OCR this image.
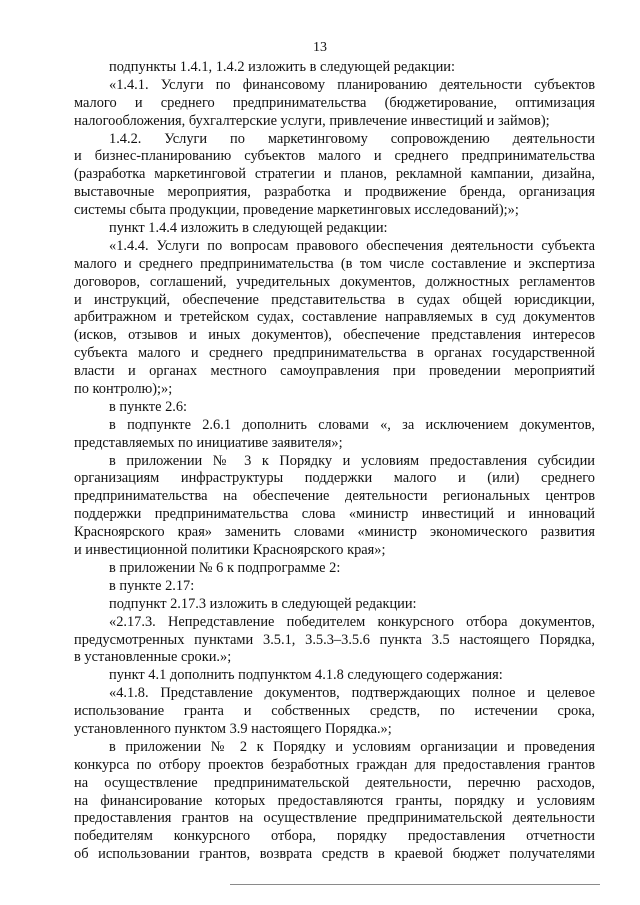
13
подпункты 1.4.1, 1.4.2 изложить в следующей редакции:
«1.4.1. Услуги по финансовому планированию деятельности субъектов
малого и среднего предпринимательства (бюджетирование, оптимизация
налогообложения, бухгалтерские услуги, привлечение инвестиций и займов);
1.4.2. Услуги по маркетинговому сопровождению деятельности
и бизнес-планированию субъектов малого и среднего предпринимательства
(разработка маркетинговой стратегии и планов, рекламной кампании, дизайна,
выставочные мероприятия, разработка и продвижение бренда, организация
системы сбыта продукции, проведение маркетинговых исследований);»;
пункт 1.4.4 изложить в следующей редакции:
«1.4.4. Услуги по вопросам правового обеспечения деятельности субъекта
малого и среднего предпринимательства (в том числе составление и экспертиза
договоров, соглашений, учредительных документов, должностных регламентов
и инструкций, обеспечение представительства в судах общей юрисдикции,
арбитражном и третейском судах, составление направляемых в суд документов
(исков, отзывов и иных документов), обеспечение представления интересов
субъекта малого и среднего предпринимательства в органах государственной
власти и органах местного самоуправления при проведении мероприятий
по контролю);»;
в пункте 2.6:
в подпункте 2.6.1 дополнить словами «, за исключением документов,
представляемых по инициативе заявителя»;
в приложении № 3 к Порядку и условиям предоставления субсидии
организациям инфраструктуры поддержки малого и (или) среднего
предпринимательства на обеспечение деятельности региональных центров
поддержки предпринимательства слова «министр инвестиций и инноваций
Красноярского края» заменить словами «министр экономического развития
и инвестиционной политики Красноярского края»;
в приложении № 6 к подпрограмме 2:
в пункте 2.17:
подпункт 2.17.3 изложить в следующей редакции:
«2.17.3. Непредставление победителем конкурсного отбора документов,
предусмотренных пунктами 3.5.1, 3.5.3–3.5.6 пункта 3.5 настоящего Порядка,
в установленные сроки.»;
пункт 4.1 дополнить подпунктом 4.1.8 следующего содержания:
«4.1.8. Представление документов, подтверждающих полное и целевое
использование гранта и собственных средств, по истечении срока,
установленного пунктом 3.9 настоящего Порядка.»;
в приложении № 2 к Порядку и условиям организации и проведения
конкурса по отбору проектов безработных граждан для предоставления грантов
на осуществление предпринимательской деятельности, перечню расходов,
на финансирование которых предоставляются гранты, порядку и условиям
предоставления грантов на осуществление предпринимательской деятельности
победителям конкурсного отбора, порядку предоставления отчетности
об использовании грантов, возврата средств в краевой бюджет получателями
